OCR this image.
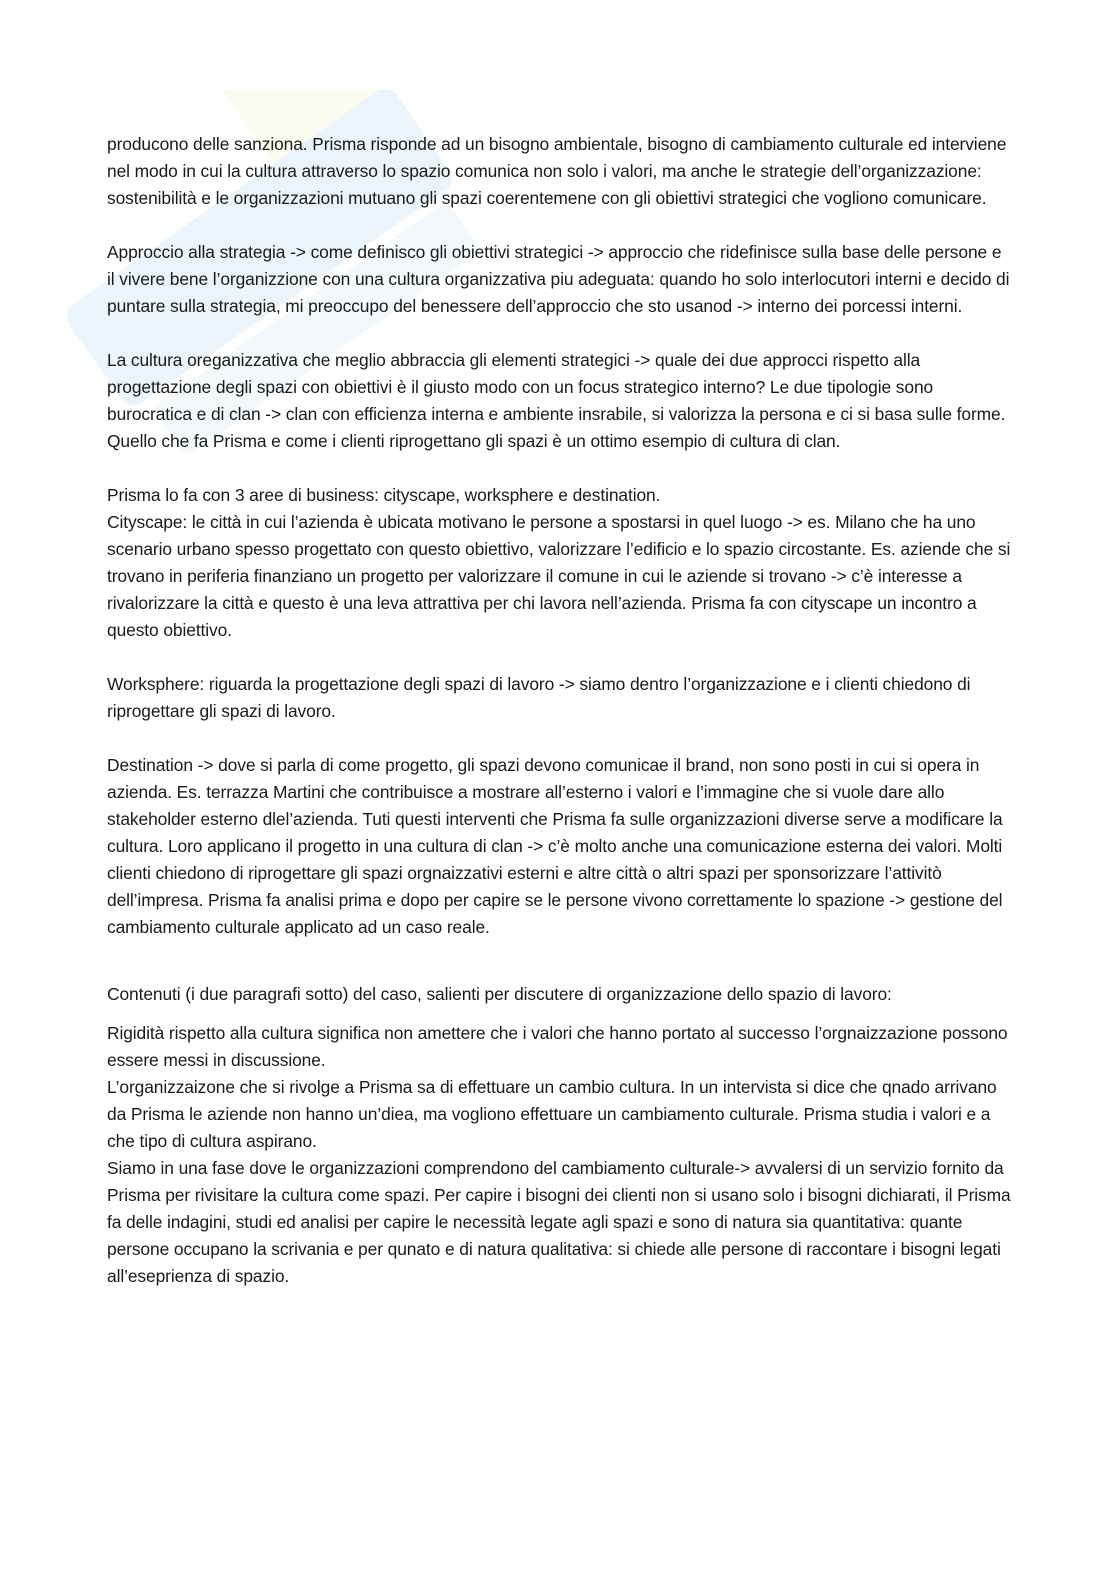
producono delle sanziona. Prisma risponde ad un bisogno ambientale, bisogno di cambiamento culturale ed interviene nel modo in cui la cultura attraverso lo spazio comunica non solo i valori, ma anche le strategie dell’organizzazione: sostenibilità e le organizzazioni mutuano gli spazi coerentemene con gli obiettivi strategici che vogliono comunicare.

Approccio alla strategia -> come definisco gli obiettivi strategici -> approccio che ridefinisce sulla base delle persone e il vivere bene l’organizzione con una cultura organizzativa piu adeguata: quando ho solo interlocutori interni e decido di puntare sulla strategia, mi preoccupo del benessere dell’approccio che sto usanod -> interno dei porcessi interni.

La cultura oreganizzativa che meglio abbraccia gli elementi strategici -> quale dei due approcci rispetto alla progettazione degli spazi con obiettivi è il giusto modo con un focus strategico interno? Le due tipologie sono burocratica e di clan -> clan con efficienza interna e ambiente insrabile, si valorizza la persona e ci si basa sulle forme. Quello che fa Prisma e come i clienti riprogettano gli spazi è un ottimo esempio di cultura di clan.

Prisma lo fa con 3 aree di business: cityscape, worksphere e destination.

Cityscape: le città in cui l’azienda è ubicata motivano le persone a spostarsi in quel luogo -> es. Milano che ha uno scenario urbano spesso progettato con questo obiettivo, valorizzare l’edificio e lo spazio circostante. Es. aziende che si trovano in periferia finanziano un progetto per valorizzare il comune in cui le aziende si trovano -> c’è interesse a rivalorizzare la città e questo è una leva attrattiva per chi lavora nell’azienda. Prisma fa con cityscape un incontro a questo obiettivo.

Worksphere: riguarda la progettazione degli spazi di lavoro -> siamo dentro l’organizzazione e i clienti chiedono di riprogettare gli spazi di lavoro.

Destination -> dove si parla di come progetto, gli spazi devono comunicae il brand, non sono posti in cui si opera in azienda. Es. terrazza Martini che contribuisce a mostrare all’esterno i valori e l’immagine che si vuole dare allo stakeholder esterno dlel’azienda. Tuti questi interventi che Prisma fa sulle organizzazioni diverse serve a modificare la cultura. Loro applicano il progetto in una cultura di clan -> c’è molto anche una comunicazione esterna dei valori. Molti clienti chiedono di riprogettare gli spazi orgnaizzativi esterni e altre città o altri spazi per sponsorizzare l’attivitò dell’impresa. Prisma fa analisi prima e dopo per capire se le persone vivono correttamente lo spazione -> gestione del cambiamento culturale applicato ad un caso reale.

Contenuti (i due paragrafi sotto) del caso, salienti per discutere di organizzazione dello spazio di lavoro:

Rigidità rispetto alla cultura significa non amettere che i valori che hanno portato al successo l’orgnaizzazione possono essere messi in discussione.

L’organizzaizone che si rivolge a Prisma sa di effettuare un cambio cultura. In un intervista si dice che qnado arrivano da Prisma le aziende non hanno un’diea, ma vogliono effettuare un cambiamento culturale. Prisma studia i valori e a che tipo di cultura aspirano.

Siamo in una fase dove le organizzazioni comprendono del cambiamento culturale-> avvalersi di un servizio fornito da Prisma per rivisitare la cultura come spazi. Per capire i bisogni dei clienti non si usano solo i bisogni dichiarati, il Prisma fa delle indagini, studi ed analisi per capire le necessità legate agli spazi e sono di natura sia quantitativa: quante persone occupano la scrivania e per qunato e di natura qualitativa: si chiede alle persone di raccontare i bisogni legati all’eseprienza di spazio.
